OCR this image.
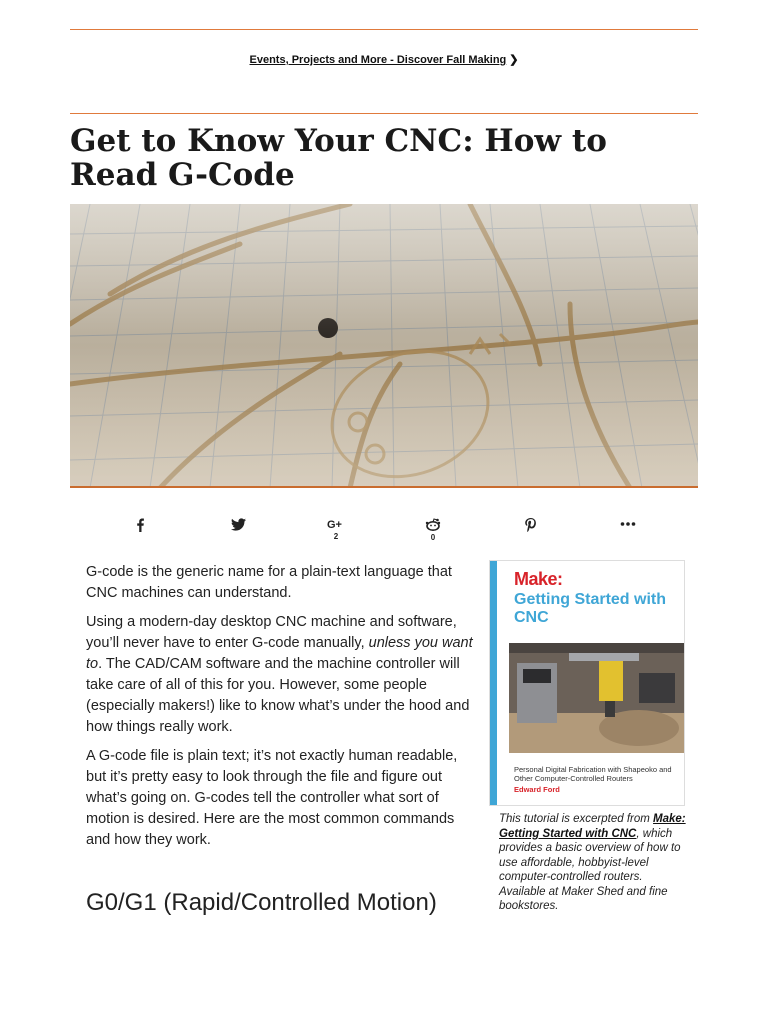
Events, Projects and More - Discover Fall Making ❯
Get to Know Your CNC: How to Read G-Code
G+
2	0

G-code is the generic name for a plain-text language that CNC machines can understand.

Using a modern-day desktop CNC machine and software, you’ll never have to enter G-code manually, unless you want to. The CAD/CAM software and the machine controller will take care of all of this for you. However, some people (especially makers!) like to know what’s under the hood and how things really work.

A G-code file is plain text; it’s not exactly human readable, but it’s pretty easy to look through the file and figure out what’s going on. G-codes tell the controller what sort of motion is desired. Here are the most common commands and how they work.

G0/G1 (Rapid/Controlled Motion)
Make:
Getting Started with CNC
Personal Digital Fabrication with Shapeoko and Other Computer-Controlled Routers
Edward Ford
This tutorial is excerpted from Make: Getting Started with CNC, which provides a basic overview of how to use affordable, hobbyist-level computer-controlled routers. Available at Maker Shed and fine bookstores.
